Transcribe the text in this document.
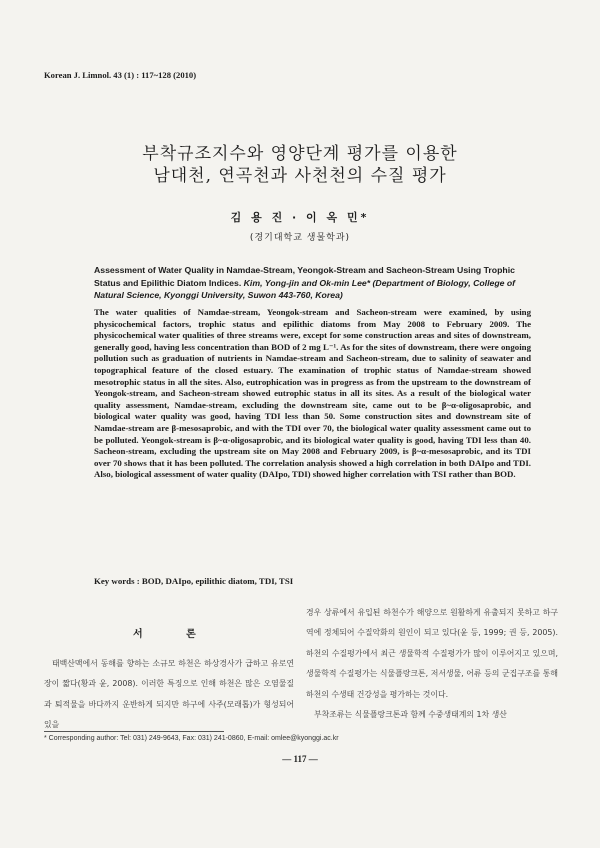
Korean J. Limnol. 43 (1) : 117~128 (2010)
부착규조지수와 영양단계 평가를 이용한
남대천, 연곡천과 사천천의 수질 평가
김 용 진 · 이 옥 민*
(경기대학교 생물학과)
Assessment of Water Quality in Namdae-Stream, Yeongok-Stream and Sacheon-Stream Using Trophic Status and Epilithic Diatom Indices. Kim, Yong-jin and Ok-min Lee* (Department of Biology, College of Natural Science, Kyonggi University, Suwon 443-760, Korea)
The water qualities of Namdae-stream, Yeongok-stream and Sacheon-stream were examined, by using physicochemical factors, trophic status and epilithic diatoms from May 2008 to February 2009. The physicochemical water qualities of three streams were, except for some construction areas and sites of downstream, generally good, having less concentration than BOD of 2 mg L⁻¹. As for the sites of downstream, there were ongoing pollution such as graduation of nutrients in Namdae-stream and Sacheon-stream, due to salinity of seawater and topographical feature of the closed estuary. The examination of trophic status of Namdae-stream showed mesotrophic status in all the sites. Also, eutrophication was in progress as from the upstream to the downstream of Yeongok-stream, and Sacheon-stream showed eutrophic status in all its sites. As a result of the biological water quality assessment, Namdae-stream, excluding the downstream site, came out to be β~α-oligosaprobic, and biological water quality was good, having TDI less than 50. Some construction sites and downstream site of Namdae-stream are β-mesosaprobic, and with the TDI over 70, the biological water quality assessment came out to be polluted. Yeongok-stream is β~α-oligosaprobic, and its biological water quality is good, having TDI less than 40. Sacheon-stream, excluding the upstream site on May 2008 and February 2009, is β~α-mesosaprobic, and its TDI over 70 shows that it has been polluted. The correlation analysis showed a high correlation in both DAIpo and TDI. Also, biological assessment of water quality (DAIpo, TDI) showed higher correlation with TSI rather than BOD.
Key words : BOD, DAIpo, epilithic diatom, TDI, TSI
서 론

태백산맥에서 동해를 향하는 소규모 하천은 하상경사가 급하고 유로연장이 짧다(황과 윤, 2008). 이러한 특징으로 인해 하천은 많은 오염물질과 퇴적물을 바다까지 운반하게 되지만 하구에 사주(모래톱)가 형성되어 있을

경우 상류에서 유입된 하천수가 해양으로 원활하게 유출되지 못하고 하구역에 정체되어 수질악화의 원인이 되고 있다(윤 등, 1999; 권 등, 2005). 하천의 수질평가에서 최근 생물학적 수질평가가 많이 이루어지고 있으며, 생물학적 수질평가는 식물플랑크톤, 저서생물, 어류 등의 군집구조를 통해 하천의 수생태 건강성을 평가하는 것이다.

부착조류는 식물플랑크톤과 함께 수중생태계의 1차 생산

* Corresponding author: Tel: 031) 249-9643, Fax: 031) 241-0860, E-mail: omlee@kyonggi.ac.kr
— 117 —
